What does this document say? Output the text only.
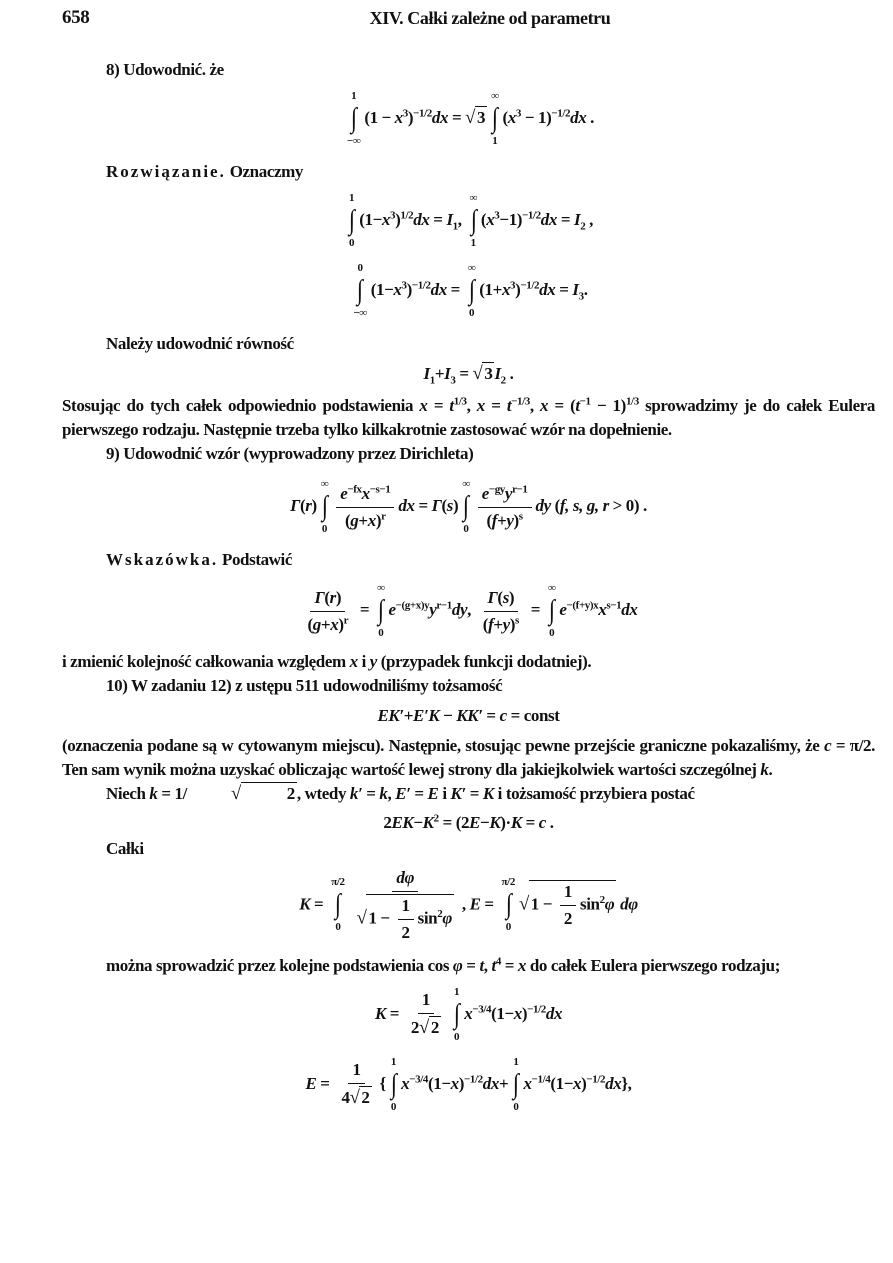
658	XIV. Całki zależne od parametru
8) Udowodnić. że
1
∫
−∞
$(1 - x^3)^{-1/2}dx$ = √ 3
∞
∫
1
$(x^3 - 1)^{-1/2}dx$ .
Rozwiązanie. Oznaczmy
1
∫
0
$(1-x^3)^{1/2}dx = I_1$,
∞
∫
1
$(x^3-1)^{-1/2}dx = I_2$ ,
0
∫
−∞
$(1-x^3)^{-1/2}dx$ =
∞
∫
0
$(1+x^3)^{-1/2}dx = I_3$.
Należy udowodnić równość
$I_1+I_3$ = √ 3 $I_2$ .
Stosując do tych całek odpowiednio podstawienia $x = t^{1/3}$, $x = t^{-1/3}$, $x = (t^{-1} - 1)^{1/3}$ sprowadzimy je do całek Eulera pierwszego rodzaju. Następnie trzeba tylko kilkakrotnie zastosować wzór na dopełnienie.
9) Udowodnić wzór (wyprowadzony przez Dirichleta)
Γ(r)
∞
∫
$0 \frac{e^{-fx}x^{-s-1}}{(g+x)^r}$ dx = Γ(s)
∞
∫
$0 \frac{e^{-gy}y^{r-1}}{(f+y)^s}$ dy (f, s, g, r > 0) .
Wskazówka. Podstawić
$\frac{\Gamma(r)}{(g+x)^r}$ =
∞
∫
0
$e^{-(g+x)y}y^{r-1}dy$, $\frac{\Gamma(s)}{(f+y)^s}$ =
∞
∫
0
$e^{-(f+y)x}x^{s-1}dx$
i zmienić kolejność całkowania względem x i y (przypadek funkcji dodatniej).
10) W zadaniu 12) z ustępu 511 udowodniliśmy tożsamość
EK′+E′K − KK′ = c = const
(oznaczenia podane są w cytowanym miejscu). Następnie, stosując pewne przejście graniczne pokazaliśmy, że c = π/2. Ten sam wynik można uzyskać obliczając wartość lewej strony dla jakiejkolwiek wartości szczególnej k.
Niech k = 1/ √	2 , wtedy k′ = k, E′ = E i K′ = K i tożsamość przybiera postać
$2EK-K^2 = (2E-K)\cdot K = c$ .
Całki
K =
π/2
∫
$0 \frac{d\varphi}{√ 1 - \frac{1}{2} \sin^2\varphi}$ , E =
π/2
∫
0
√ $1 - \frac{1}{2} \sin^2\varphi$ dφ
można sprowadzić przez kolejne podstawienia cos φ = t, $t^4 = x$ do całek Eulera pierwszego rodzaju;
$K = \frac{1}{2√ 2} 1$
∫
0
$x^{-3/4}(1-x)^{-1/2}dx$
$E = \frac{1}{4√ 2}$ {
1
∫
0
$x^{-3/4}(1-x)^{-1/2}dx+$
1
∫
0
$x^{-1/4}(1-x)^{-1/2}dx$},
